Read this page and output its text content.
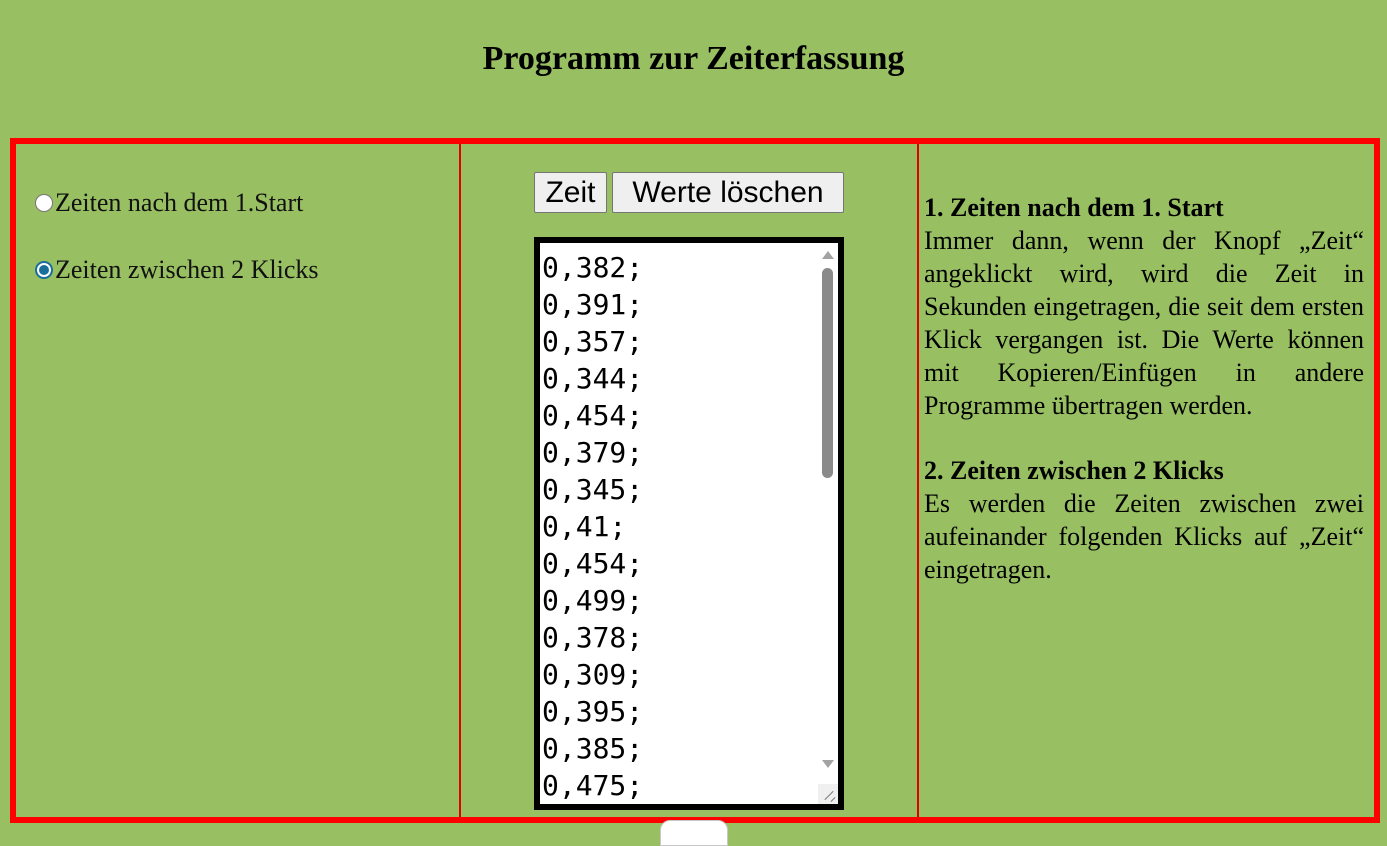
Programm zur Zeiterfassung
Zeiten nach dem 1.Start
Zeiten zwischen 2 Klicks
Zeit	Werte löschen
0,382;
0,391;
0,357;
0,344;
0,454;
0,379;
0,345;
0,41;
0,454;
0,499;
0,378;
0,309;
0,395;
0,385;
0,475;
1. Zeiten nach dem 1. Start

Immer dann, wenn der Knopf „Zeit“ angeklickt wird, wird die Zeit in Sekunden eingetragen, die seit dem ersten Klick vergangen ist. Die Werte können mit Kopieren/Einfügen in andere Programme übertragen werden.

2. Zeiten zwischen 2 Klicks

Es werden die Zeiten zwischen zwei aufeinander folgenden Klicks auf „Zeit“ eingetragen.
